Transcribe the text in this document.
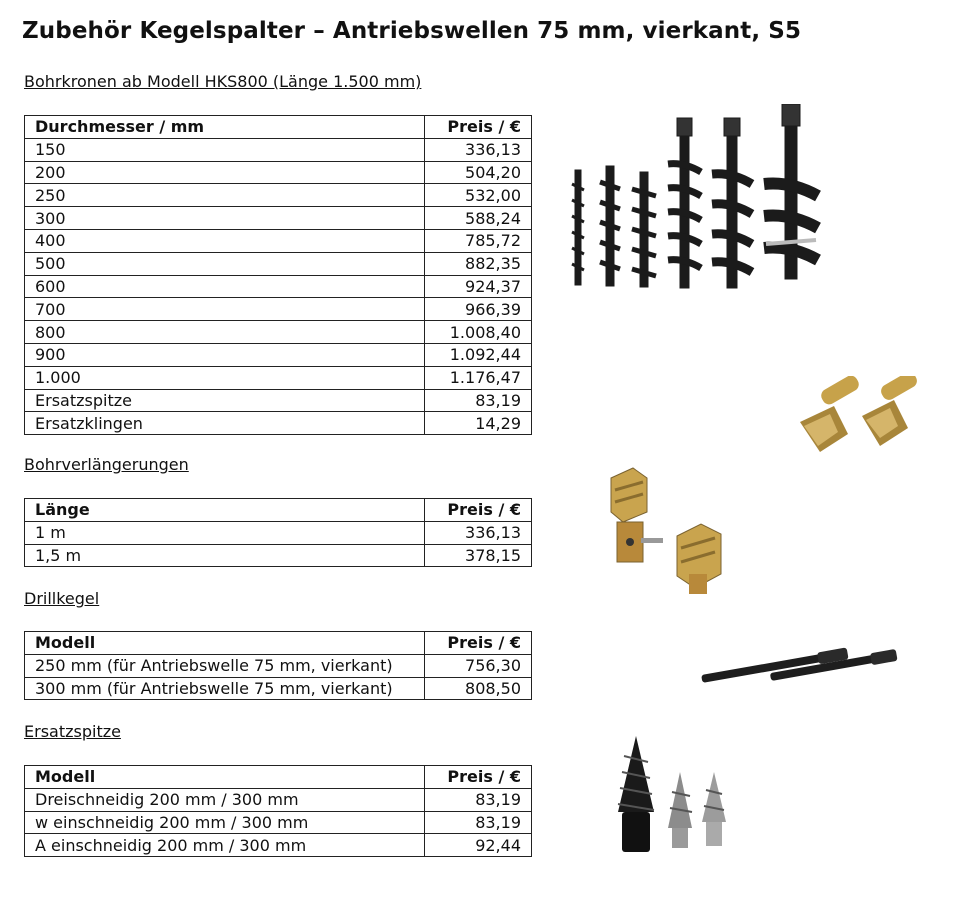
Zubehör Kegelspalter – Antriebswellen 75 mm, vierkant, S5
Bohrkronen ab Modell HKS800 (Länge 1.500 mm)
Durchmesser / mm	Preis / €
150	336,13
200	504,20
250	532,00
300	588,24
400	785,72
500	882,35
600	924,37
700	966,39
800	1.008,40
900	1.092,44
1.000	1.176,47
Ersatzspitze	83,19
Ersatzklingen	14,29
Bohrverlängerungen
Länge	Preis / €
1 m	336,13
1,5 m	378,15
Drillkegel
Modell	Preis / €
250 mm (für Antriebswelle 75 mm, vierkant)	756,30
300 mm (für Antriebswelle 75 mm, vierkant)	808,50
Ersatzspitze
Modell	Preis / €
Dreischneidig 200 mm / 300 mm	83,19
w einschneidig 200 mm / 300 mm	83,19
A einschneidig 200 mm / 300 mm	92,44
